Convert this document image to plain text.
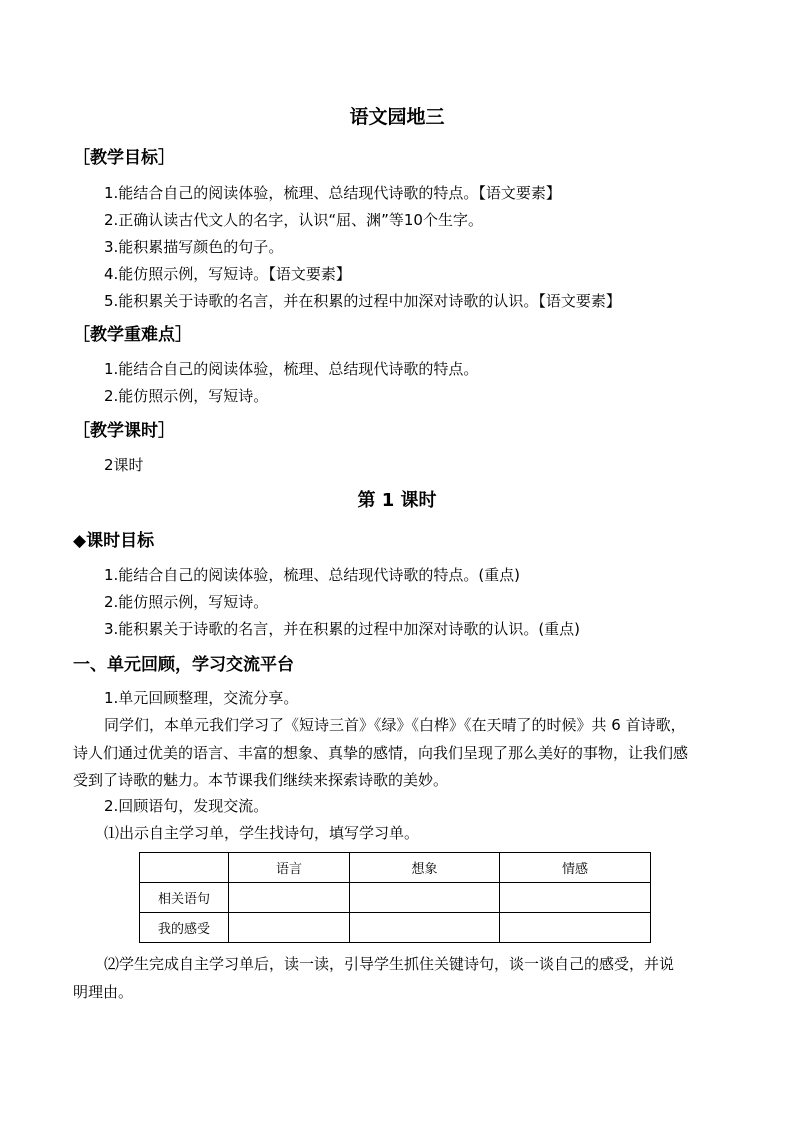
语文园地三
［教学目标］
1.能结合自己的阅读体验，梳理、总结现代诗歌的特点。【语文要素】
2.正确认读古代文人的名字，认识“屈、渊”等10个生字。
3.能积累描写颜色的句子。
4.能仿照示例，写短诗。【语文要素】
5.能积累关于诗歌的名言，并在积累的过程中加深对诗歌的认识。【语文要素】
［教学重难点］
1.能结合自己的阅读体验，梳理、总结现代诗歌的特点。
2.能仿照示例，写短诗。
［教学课时］
2课时
第 1 课时
◆课时目标
1.能结合自己的阅读体验，梳理、总结现代诗歌的特点。(重点)
2.能仿照示例，写短诗。
3.能积累关于诗歌的名言，并在积累的过程中加深对诗歌的认识。(重点)
一、单元回顾，学习交流平台
1.单元回顾整理，交流分享。
同学们，本单元我们学习了《短诗三首》《绿》《白桦》《在天晴了的时候》共 6 首诗歌，
诗人们通过优美的语言、丰富的想象、真挚的感情，向我们呈现了那么美好的事物，让我们感
受到了诗歌的魅力。本节课我们继续来探索诗歌的美妙。
2.回顾语句，发现交流。
⑴出示自主学习单，学生找诗句，填写学习单。
	语言	想象	情感
相关语句			
我的感受			
⑵学生完成自主学习单后，读一读，引导学生抓住关键诗句，谈一谈自己的感受，并说
明理由。
